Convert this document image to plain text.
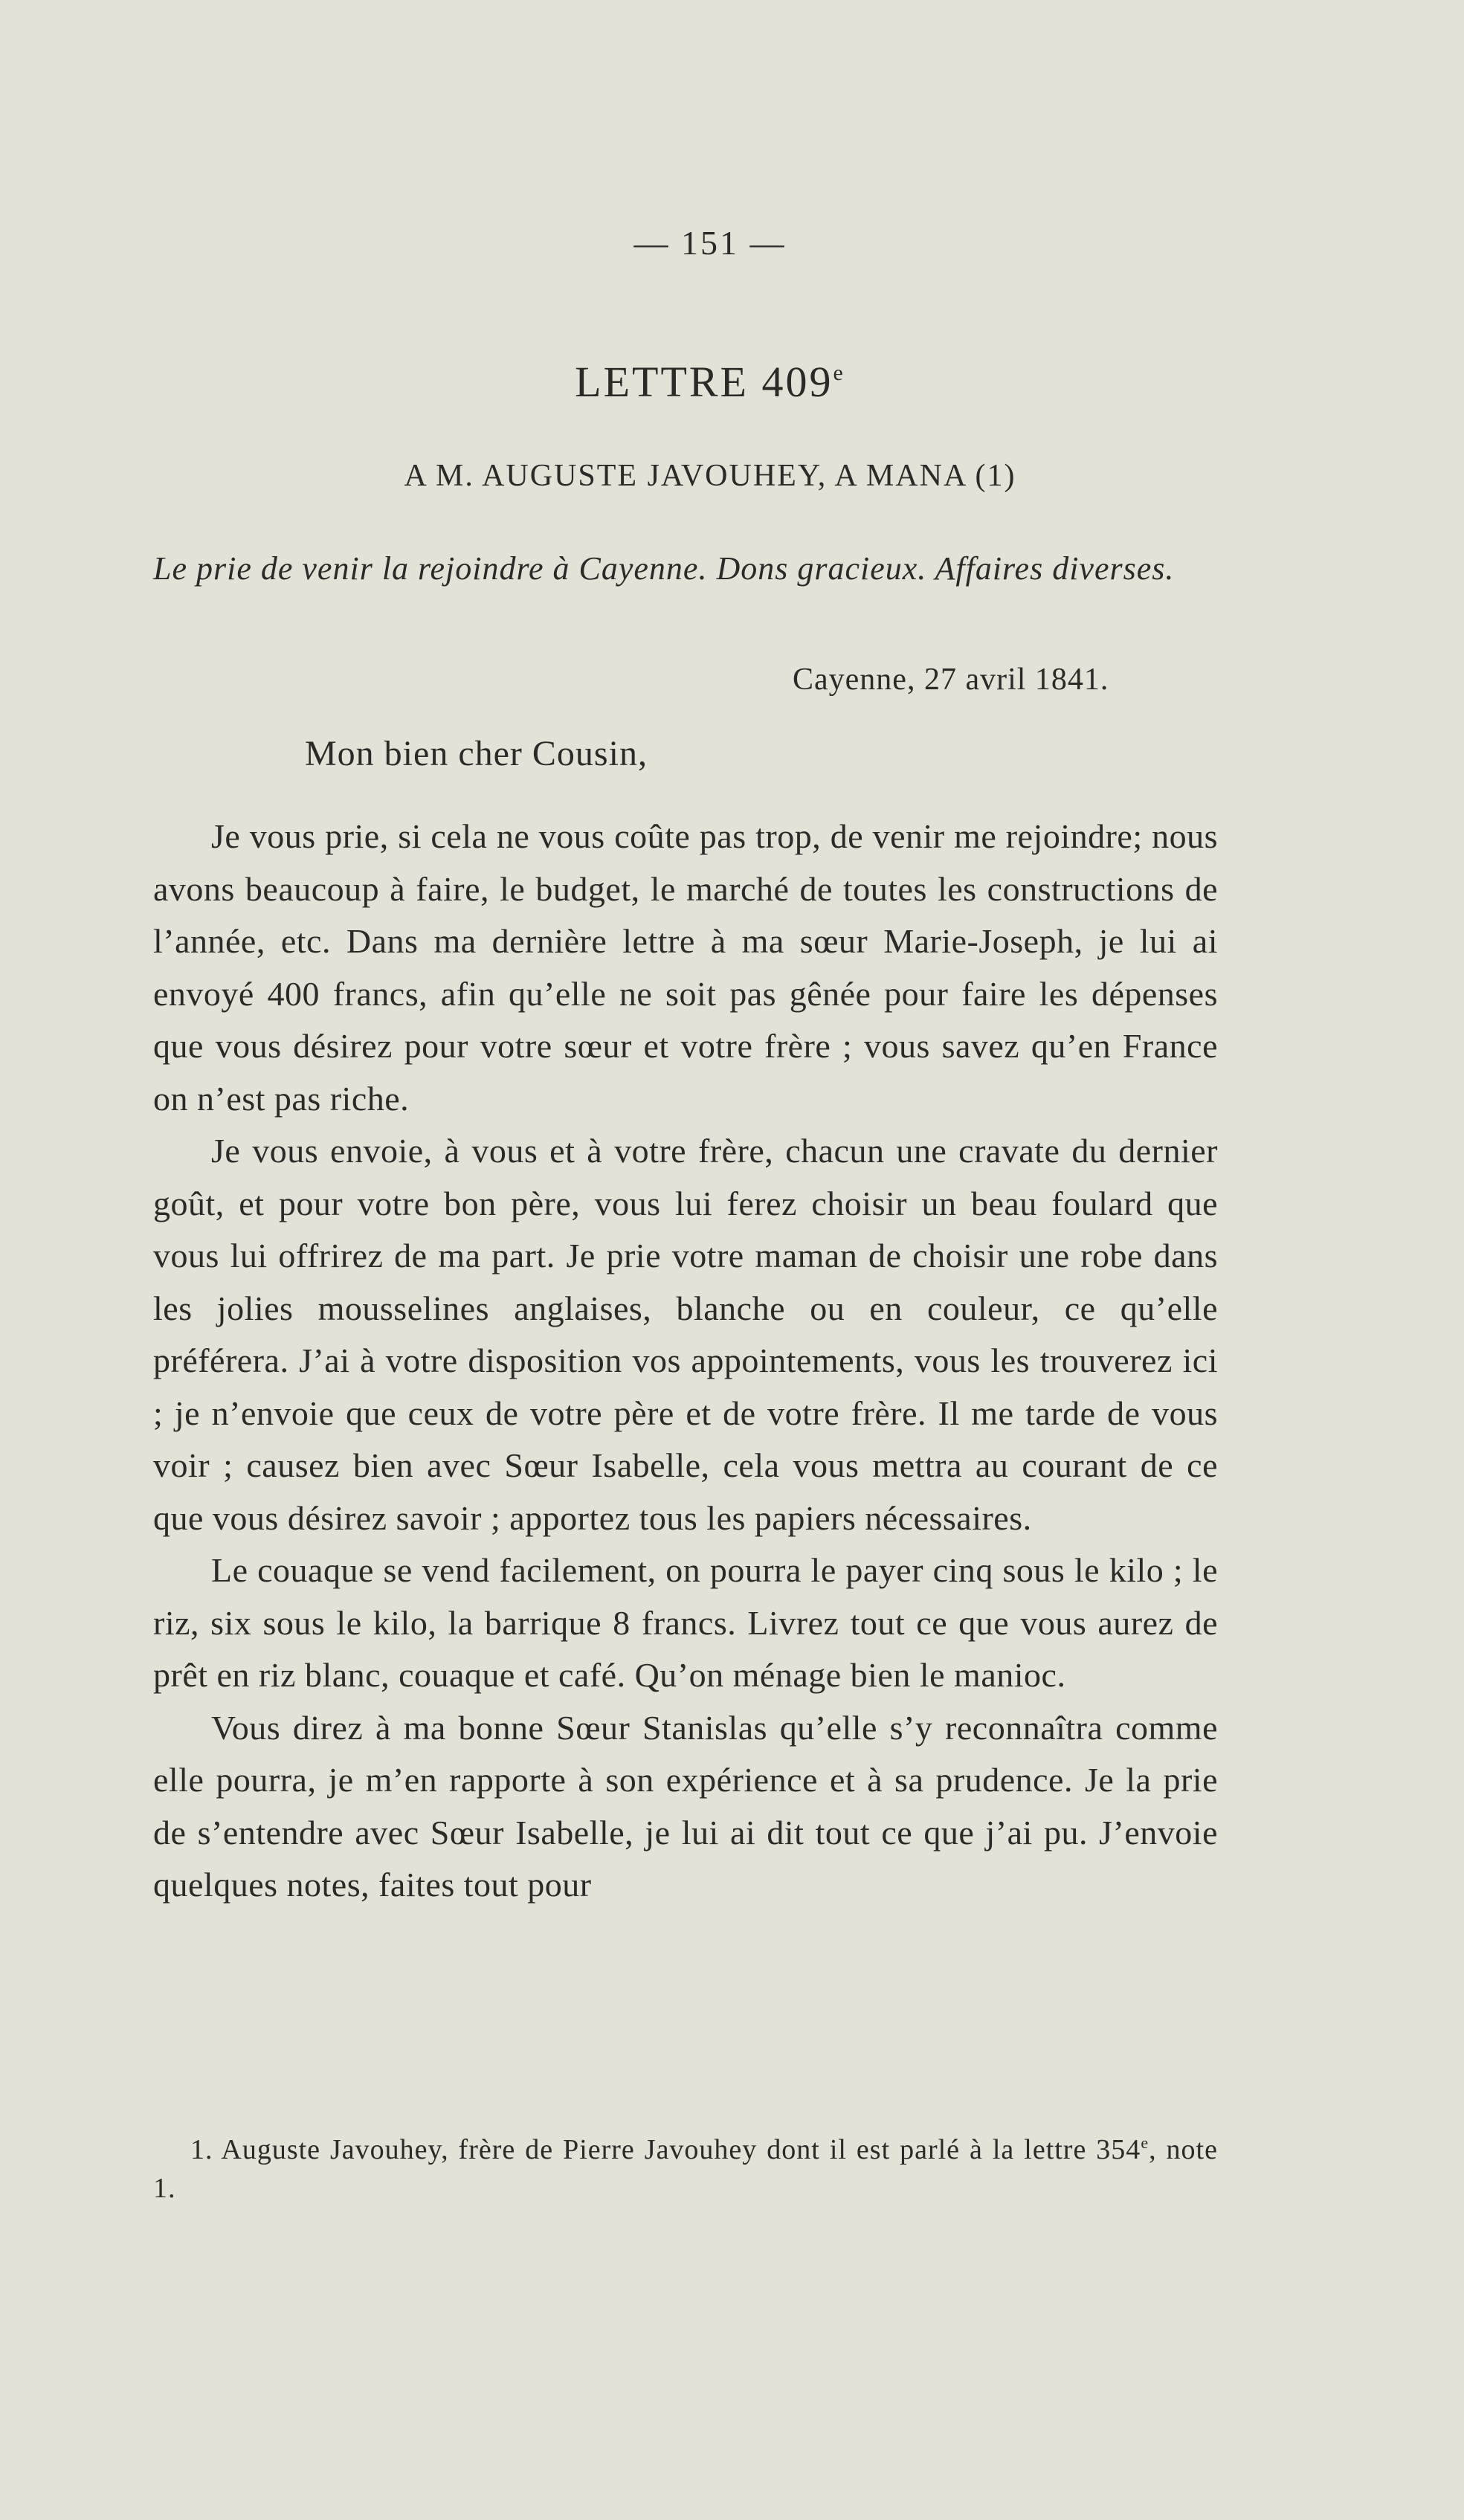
— 151 —
LETTRE 409e
A M. AUGUSTE JAVOUHEY, A MANA (1)
Le prie de venir la rejoindre à Cayenne. Dons gracieux. Affaires diverses.
Cayenne, 27 avril 1841.
Mon bien cher Cousin,

Je vous prie, si cela ne vous coûte pas trop, de venir me rejoindre; nous avons beaucoup à faire, le budget, le marché de toutes les constructions de l’année, etc. Dans ma dernière lettre à ma sœur Marie-Joseph, je lui ai envoyé 400 francs, afin qu’elle ne soit pas gênée pour faire les dépenses que vous désirez pour votre sœur et votre frère ; vous savez qu’en France on n’est pas riche.

Je vous envoie, à vous et à votre frère, chacun une cravate du dernier goût, et pour votre bon père, vous lui ferez choisir un beau foulard que vous lui offrirez de ma part. Je prie votre maman de choisir une robe dans les jolies mousselines anglaises, blanche ou en couleur, ce qu’elle préférera. J’ai à votre disposition vos appointements, vous les trouverez ici ; je n’envoie que ceux de votre père et de votre frère. Il me tarde de vous voir ; causez bien avec Sœur Isabelle, cela vous mettra au courant de ce que vous désirez savoir ; apportez tous les papiers nécessaires.

Le couaque se vend facilement, on pourra le payer cinq sous le kilo ; le riz, six sous le kilo, la barrique 8 francs. Livrez tout ce que vous aurez de prêt en riz blanc, couaque et café. Qu’on ménage bien le manioc.

Vous direz à ma bonne Sœur Stanislas qu’elle s’y reconnaîtra comme elle pourra, je m’en rapporte à son expérience et à sa prudence. Je la prie de s’entendre avec Sœur Isabelle, je lui ai dit tout ce que j’ai pu. J’envoie quelques notes, faites tout pour

1. Auguste Javouhey, frère de Pierre Javouhey dont il est parlé à la lettre 354e, note 1.
